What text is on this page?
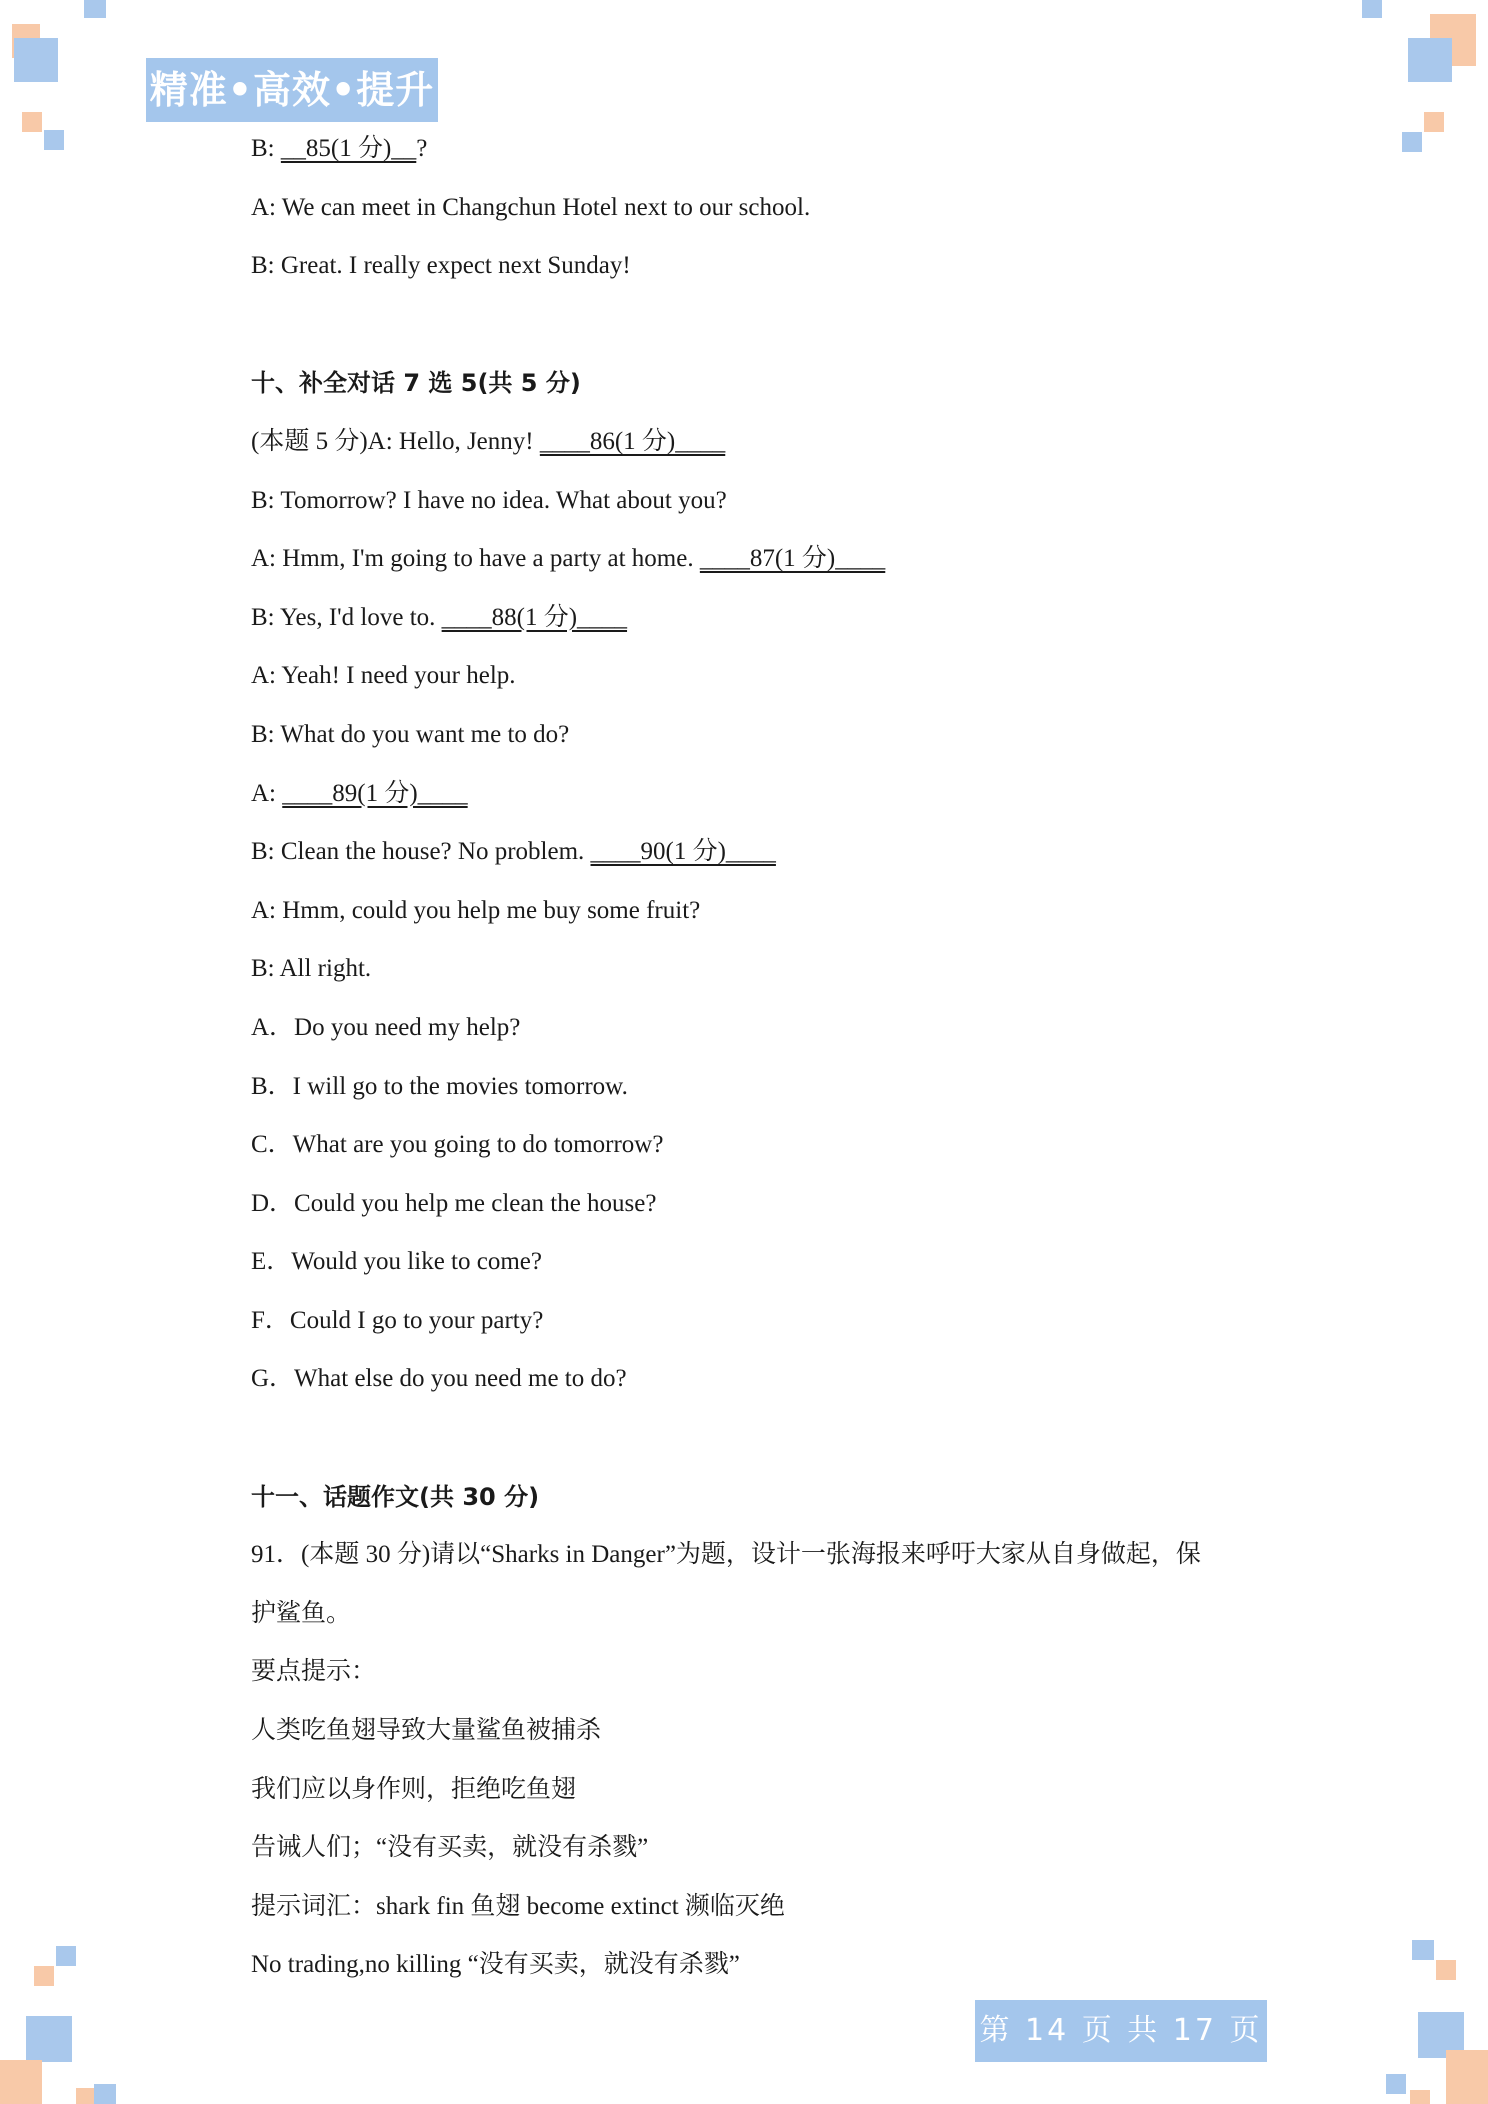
精准•高效•提升
B: __85(1 分)__?
A: We can meet in Changchun Hotel next to our school.
B: Great. I really expect next Sunday!
十、补全对话 7 选 5(共 5 分)
(本题 5 分)A: Hello, Jenny! ____86(1 分)____
B: Tomorrow? I have no idea. What about you?
A: Hmm, I'm going to have a party at home. ____87(1 分)____
B: Yes, I'd love to. ____88(1 分)____
A: Yeah! I need your help.
B: What do you want me to do?
A: ____89(1 分)____
B: Clean the house? No problem. ____90(1 分)____
A: Hmm, could you help me buy some fruit?
B: All right.
A．Do you need my help?
B．I will go to the movies tomorrow.
C．What are you going to do tomorrow?
D．Could you help me clean the house?
E．Would you like to come?
F．Could I go to your party?
G．What else do you need me to do?
十一、话题作文(共 30 分)
91．(本题 30 分)请以“Sharks in Danger”为题，设计一张海报来呼吁大家从自身做起，保
护鲨鱼。
要点提示：
人类吃鱼翅导致大量鲨鱼被捕杀
我们应以身作则，拒绝吃鱼翅
告诫人们；“没有买卖，就没有杀戮”
提示词汇：shark fin 鱼翅 become extinct 濒临灭绝
No trading,no killing “没有买卖，就没有杀戮”
第 14 页 共 17 页
